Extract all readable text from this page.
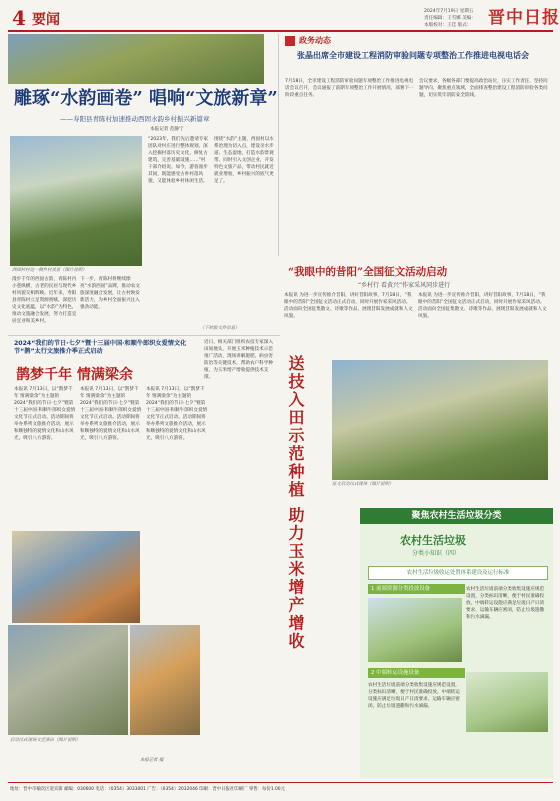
4 要闻
2024年7月19日 星期五
责任编辑：王雪娜 美编：
本版校对：王佳 版式： 晋中日报
雕琢“水韵画卷” 唱响“文旅新章”
——寿阳县青陈村加速推动西固水韵乡村振兴新篇章
本报记者 范静宁
西固村村边一侧乡村美景（图片说明）
漫步千年的西固古韵，青陈村内小巷纵横，古老的民居与现代乡村风貌交相辉映。近年来，寿阳县青陈村立足资源禀赋，深挖历史文化底蕴，以“水韵”为特色，推动文旅融合发展，努力打造宜居宜业和美乡村。
“2023年，我们先后邀请专家团队对村庄进行整体规划，深入挖掘村落历史文化，修复古建筑，完善基础设施……”村干部介绍说。如今，游客漫步其间，既能感受古朴村落风貌，又能体验乡村休闲生活。
围绕“水韵”主题，西固村以水系治理为切入点，建设亲水步道、生态湿地，打造水韵景观带。同时引入文创企业，开发特色文旅产品，带动村民就近就业增收，乡村振兴的底气更足了。
下一步，青陈村将继续擦亮“水韵西固”品牌，推动农文旅深度融合发展，让古村焕发新活力，为乡村全面振兴注入强劲动能。
（下转版文件信息）
政务动态
张晶出席全市建设工程消防审验问题专项整治工作推进电视电话会
7月18日，全市建设工程消防审验问题专项整治工作推进电视电话会议召开，会议通报了前期专项整治工作开展情况，部署下一阶段重点任务。
会议要求，各级各部门要提高政治站位，压实工作责任，坚持问题导向，聚焦重点领域，全面排查整治建设工程消防审验各类问题，切实筑牢消防安全防线。
“我眼中的昔阳”全国征文活动启动
“乡村行 看黄兴”作家采风同步进行
本报讯 为进一步宣传推介昔阳，讲好昔阳故事，7月18日，“我眼中的昔阳”全国征文活动正式启动，同时开展作家采风活动。活动面向全国征集散文、诗歌等作品，展现昔阳发展成就和人文风貌。
本报讯 为进一步宣传推介昔阳，讲好昔阳故事，7月18日，“我眼中的昔阳”全国征文活动正式启动，同时开展作家采风活动。活动面向全国征集散文、诗歌等作品，展现昔阳发展成就和人文风貌。
征文启动仪式现场（图片说明）
2024“我们的节日·七夕”暨十三届中国·和顺牛郎织女爱情文化节“鹊”太行文旅推介季正式启动
鹊梦千年 情满梁余
本报讯 7月13日，以“鹊梦千年 情满梁余”为主题的2024“我们的节日·七夕”暨第十三届中国·和顺牛郎织女爱情文化节正式启动。活动期间将举办系列文旅推介活动，展示和顺独特的爱情文化和山水风光，吸引八方游客。
本报讯 7月13日，以“鹊梦千年 情满梁余”为主题的2024“我们的节日·七夕”暨第十三届中国·和顺牛郎织女爱情文化节正式启动。活动期间将举办系列文旅推介活动，展示和顺独特的爱情文化和山水风光，吸引八方游客。
本报讯 7月13日，以“鹊梦千年 情满梁余”为主题的2024“我们的节日·七夕”暨第十三届中国·和顺牛郎织女爱情文化节正式启动。活动期间将举办系列文旅推介活动，展示和顺独特的爱情文化和山水风光，吸引八方游客。
近日，相关部门组织农技专家深入田间地头，开展玉米种植技术示范推广活动，现场讲解施肥、病虫害防治等关键技术，帮助农户科学种植，为玉米增产增收提供技术支撑。	送技入田示范种植 助力玉米增产增收
启动仪式现场文艺演出（图片说明）
本报记者 摄
聚焦农村生活垃圾分类
农村生活垃圾
分类小知识（四）
农村生活垃圾收运处置体系建设及运行标准
1 前端资源分类投放设备	农村生活垃圾前端分类收集设施应规范设置，分类标识清晰，便于村民准确投放。中端转运设施应满足垃圾日产日清要求，运输车辆应密闭，防止垃圾遗撒和污水滴漏。
2 中端转运设施设备
农村生活垃圾前端分类收集设施应规范设置，分类标识清晰，便于村民准确投放。中端转运设施应满足垃圾日产日清要求，运输车辆应密闭，防止垃圾遗撒和污水滴漏。
地址：晋中市榆次区迎宾街 邮编：030600 电话：（0354）3033001 广告：（0354）2032046 印刷：晋中日报社印刷厂 零售：每份1.00元
